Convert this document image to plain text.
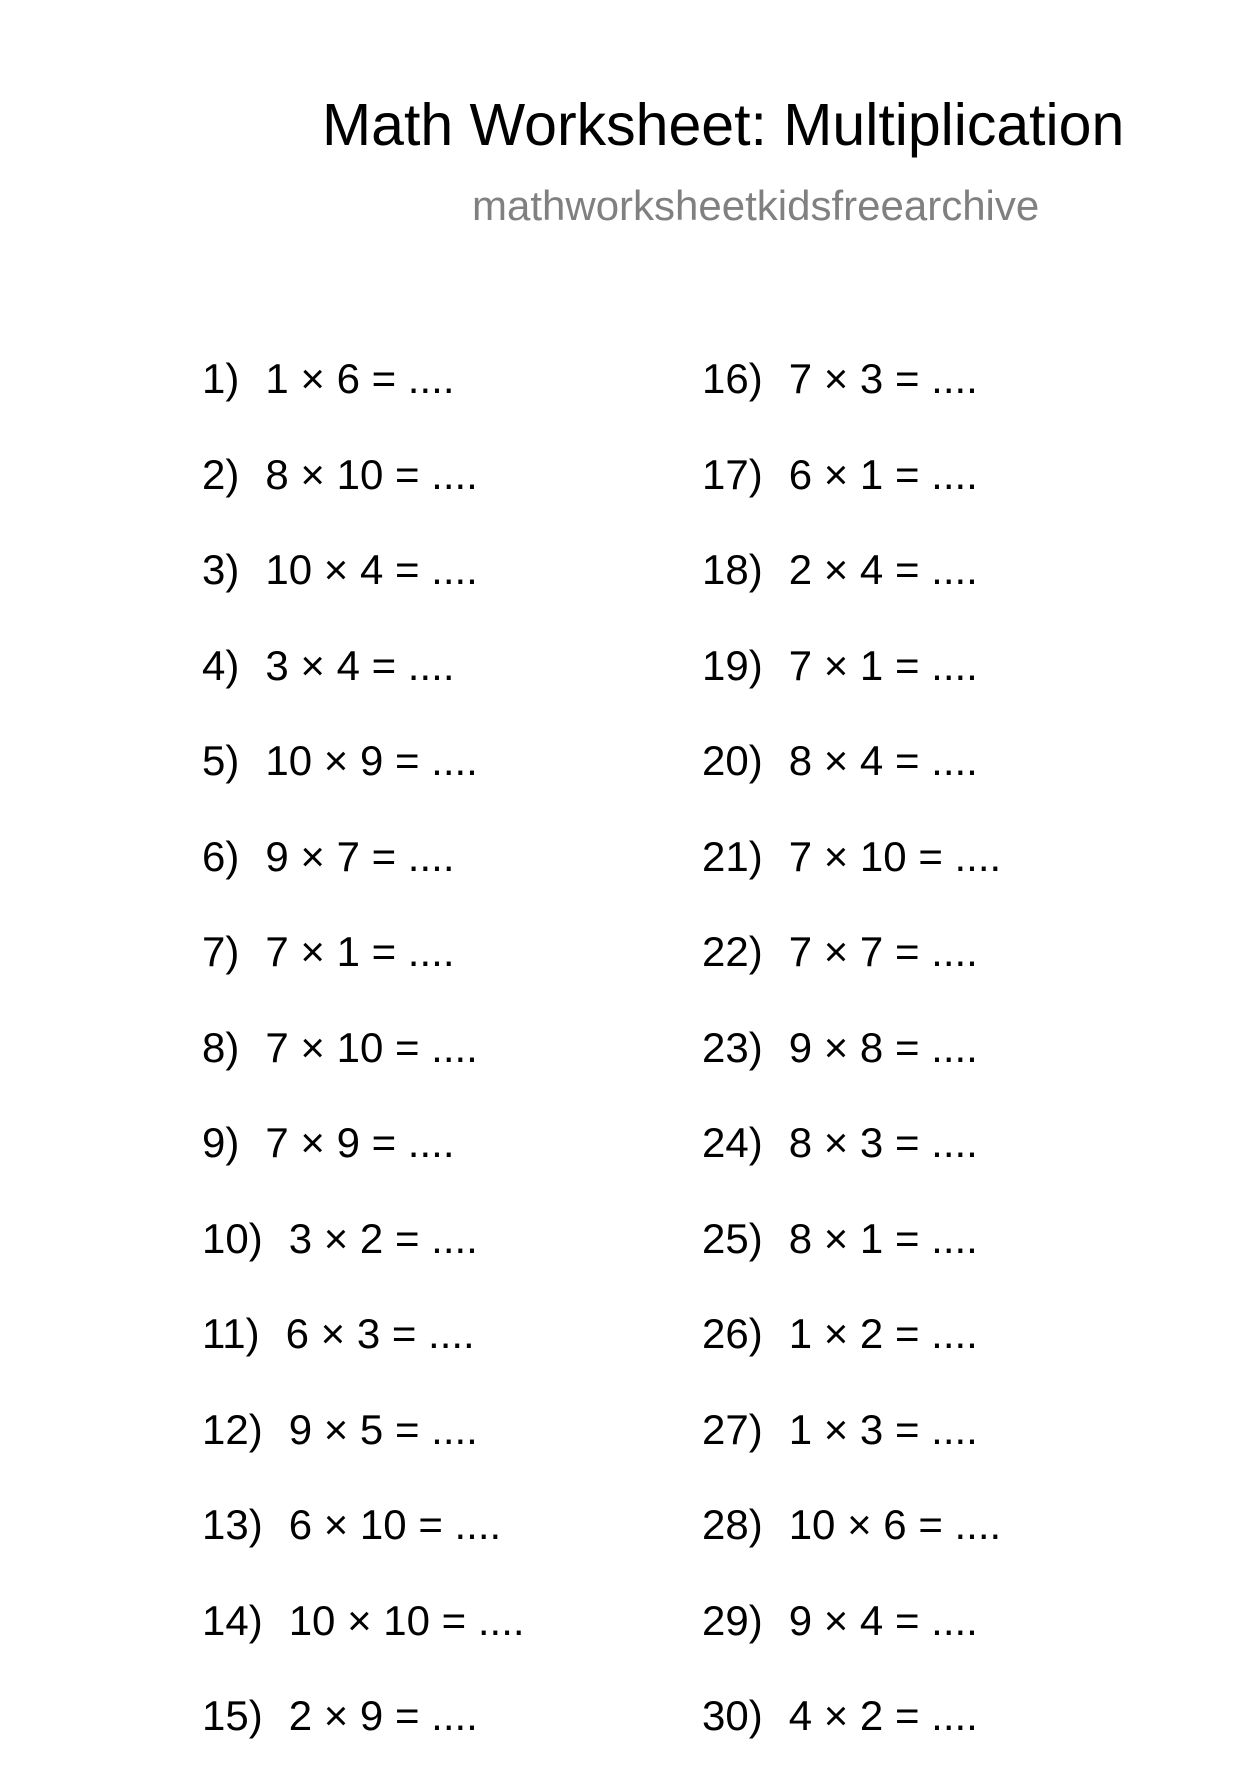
Math Worksheet: Multiplication
mathworksheetkidsfreearchive
1) 1 × 6 = ....
2) 8 × 10 = ....
3) 10 × 4 = ....
4) 3 × 4 = ....
5) 10 × 9 = ....
6) 9 × 7 = ....
7) 7 × 1 = ....
8) 7 × 10 = ....
9) 7 × 9 = ....
10) 3 × 2 = ....
11) 6 × 3 = ....
12) 9 × 5 = ....
13) 6 × 10 = ....
14) 10 × 10 = ....
15) 2 × 9 = ....
16) 7 × 3 = ....
17) 6 × 1 = ....
18) 2 × 4 = ....
19) 7 × 1 = ....
20) 8 × 4 = ....
21) 7 × 10 = ....
22) 7 × 7 = ....
23) 9 × 8 = ....
24) 8 × 3 = ....
25) 8 × 1 = ....
26) 1 × 2 = ....
27) 1 × 3 = ....
28) 10 × 6 = ....
29) 9 × 4 = ....
30) 4 × 2 = ....
